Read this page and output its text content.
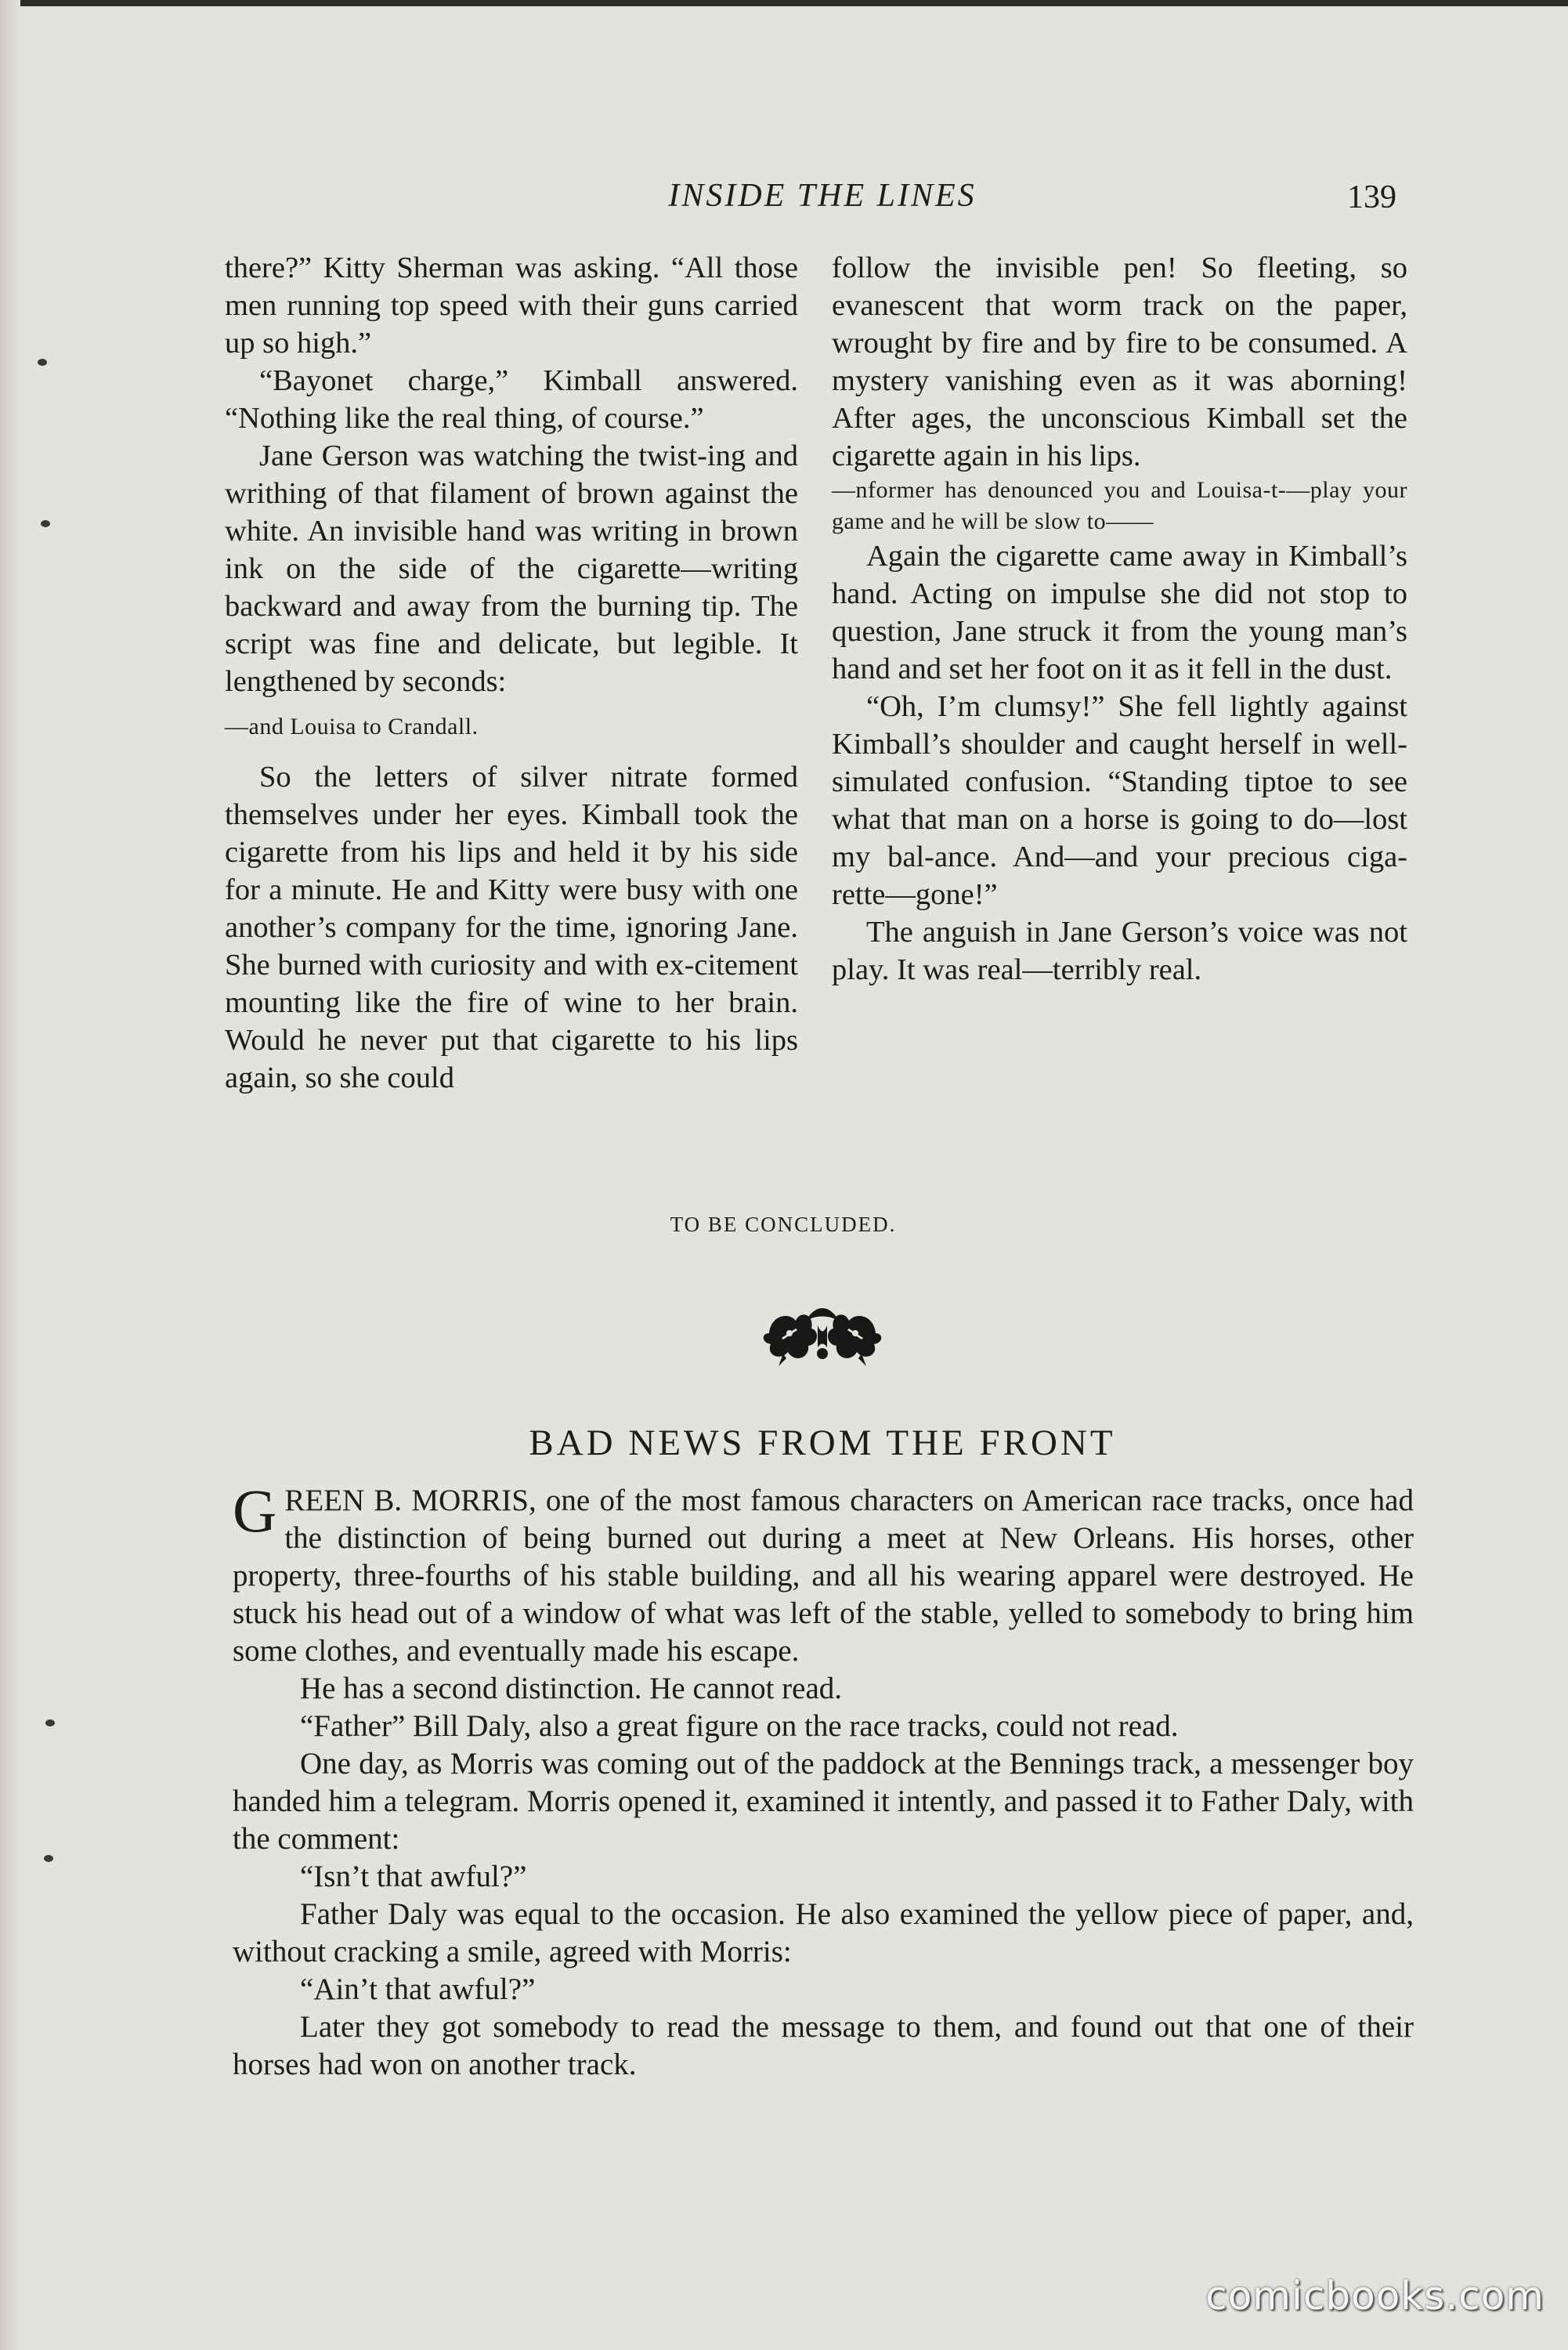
INSIDE THE LINES	139

there?” Kitty Sherman was asking. “All those men running top speed with their guns carried up so high.”

“Bayonet charge,” Kimball answered. “Nothing like the real thing, of course.”

Jane Gerson was watching the twist-ing and writhing of that filament of brown against the white. An invisible hand was writing in brown ink on the side of the cigarette—writing backward and away from the burning tip. The script was fine and delicate, but legible. It lengthened by seconds:

—and Louisa to Crandall.

So the letters of silver nitrate formed themselves under her eyes. Kimball took the cigarette from his lips and held it by his side for a minute. He and Kitty were busy with one another’s company for the time, ignoring Jane. She burned with curiosity and with ex-citement mounting like the fire of wine to her brain. Would he never put that cigarette to his lips again, so she could

follow the invisible pen! So fleeting, so evanescent that worm track on the paper, wrought by fire and by fire to be consumed. A mystery vanishing even as it was aborning! After ages, the unconscious Kimball set the cigarette again in his lips.

—nformer has denounced you and Louisa-t-—play your game and he will be slow to——

Again the cigarette came away in Kimball’s hand. Acting on impulse she did not stop to question, Jane struck it from the young man’s hand and set her foot on it as it fell in the dust.

“Oh, I’m clumsy!” She fell lightly against Kimball’s shoulder and caught herself in well-simulated confusion. “Standing tiptoe to see what that man on a horse is going to do—lost my bal-ance. And—and your precious ciga-rette—gone!”

The anguish in Jane Gerson’s voice was not play. It was real—terribly real.

TO BE CONCLUDED.
BAD NEWS FROM THE FRONT

GREEN B. MORRIS, one of the most famous characters on American race tracks, once had the distinction of being burned out during a meet at New Orleans. His horses, other property, three-fourths of his stable building, and all his wearing apparel were destroyed. He stuck his head out of a window of what was left of the stable, yelled to somebody to bring him some clothes, and eventually made his escape.

He has a second distinction. He cannot read.

“Father” Bill Daly, also a great figure on the race tracks, could not read.

One day, as Morris was coming out of the paddock at the Bennings track, a messenger boy handed him a telegram. Morris opened it, examined it intently, and passed it to Father Daly, with the comment:

“Isn’t that awful?”

Father Daly was equal to the occasion. He also examined the yellow piece of paper, and, without cracking a smile, agreed with Morris:

“Ain’t that awful?”

Later they got somebody to read the message to them, and found out that one of their horses had won on another track.

comicbooks.com
